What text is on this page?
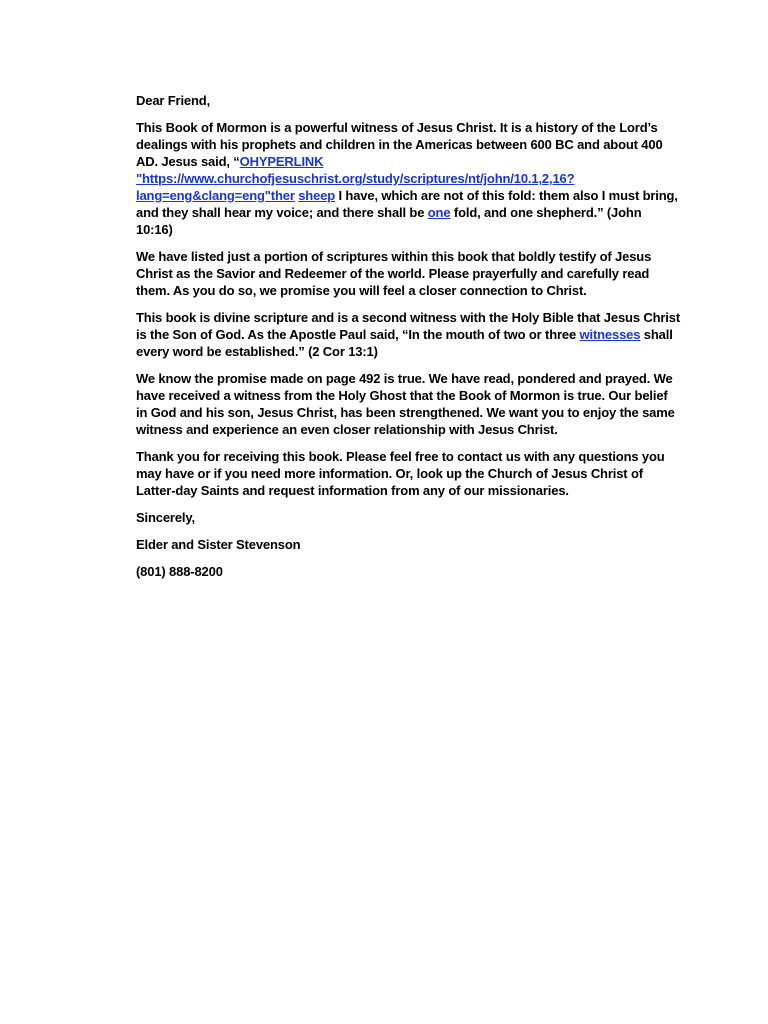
Dear Friend,

This Book of Mormon is a powerful witness of Jesus Christ. It is a history of the Lord’s dealings with his prophets and children in the Americas between 600 BC and about 400 AD. Jesus said, “OHYPERLINK "https://www.churchofjesuschrist.org/study/scriptures/nt/john/10.1,2,16?lang=eng&clang=eng"ther sheep I have, which are not of this fold: them also I must bring, and they shall hear my voice; and there shall be one fold, and one shepherd.” (John 10:16)

We have listed just a portion of scriptures within this book that boldly testify of Jesus Christ as the Savior and Redeemer of the world. Please prayerfully and carefully read them. As you do so, we promise you will feel a closer connection to Christ.

This book is divine scripture and is a second witness with the Holy Bible that Jesus Christ is the Son of God. As the Apostle Paul said, “In the mouth of two or three witnesses shall every word be established.” (2 Cor 13:1)

We know the promise made on page 492 is true. We have read, pondered and prayed. We have received a witness from the Holy Ghost that the Book of Mormon is true. Our belief in God and his son, Jesus Christ, has been strengthened. We want you to enjoy the same witness and experience an even closer relationship with Jesus Christ.

Thank you for receiving this book. Please feel free to contact us with any questions you may have or if you need more information. Or, look up the Church of Jesus Christ of Latter-day Saints and request information from any of our missionaries.

Sincerely,

Elder and Sister Stevenson

(801) 888-8200
